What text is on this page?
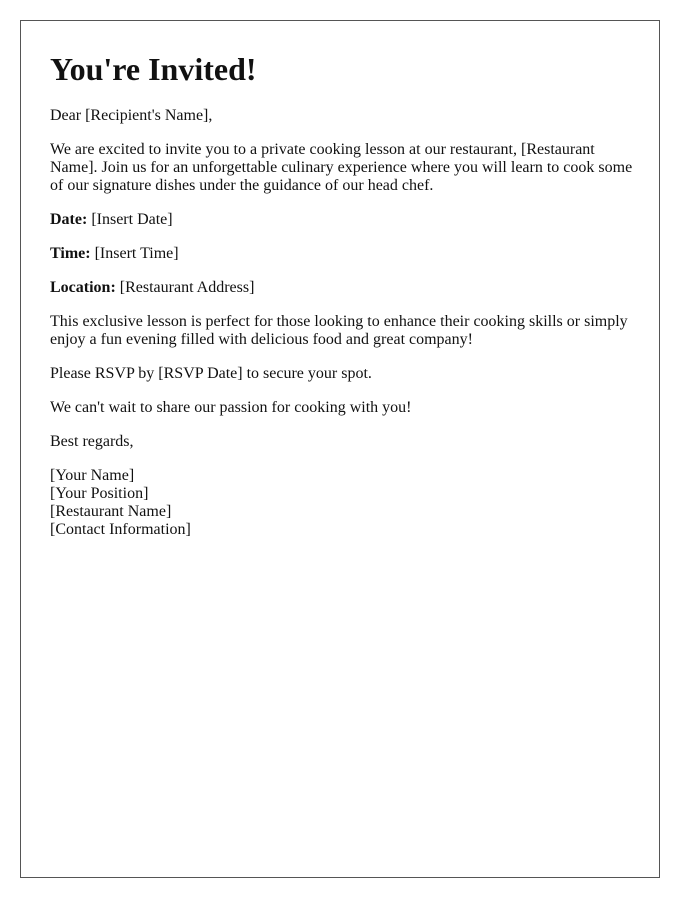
You're Invited!

Dear [Recipient's Name],

We are excited to invite you to a private cooking lesson at our restaurant, [Restaurant Name]. Join us for an unforgettable culinary experience where you will learn to cook some of our signature dishes under the guidance of our head chef.

Date: [Insert Date]

Time: [Insert Time]

Location: [Restaurant Address]

This exclusive lesson is perfect for those looking to enhance their cooking skills or simply enjoy a fun evening filled with delicious food and great company!

Please RSVP by [RSVP Date] to secure your spot.

We can't wait to share our passion for cooking with you!

Best regards,

[Your Name]
[Your Position]
[Restaurant Name]
[Contact Information]
